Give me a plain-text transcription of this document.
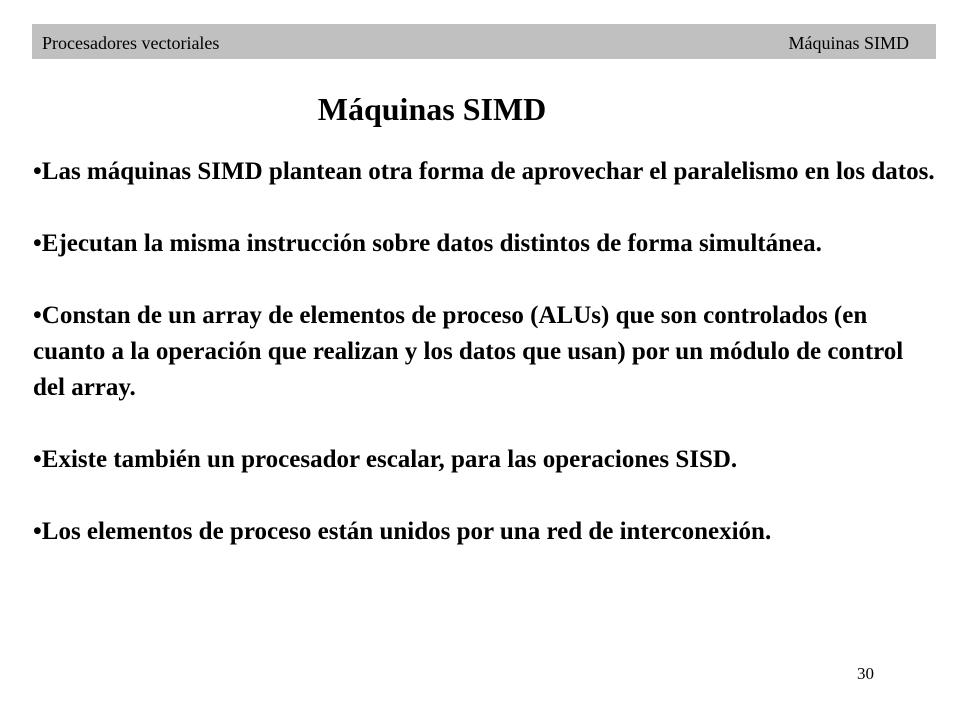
Procesadores vectoriales	Máquinas SIMD
Máquinas SIMD
•Las máquinas SIMD plantean otra forma de aprovechar el paralelismo en los datos.
•Ejecutan la misma instrucción sobre datos distintos de forma simultánea.
•Constan de un array de elementos de proceso (ALUs) que son controlados (en cuanto a la operación que realizan y los datos que usan) por un módulo de control del array.
•Existe también un procesador escalar, para las operaciones SISD.
•Los elementos de proceso están unidos por una red de interconexión.
30
